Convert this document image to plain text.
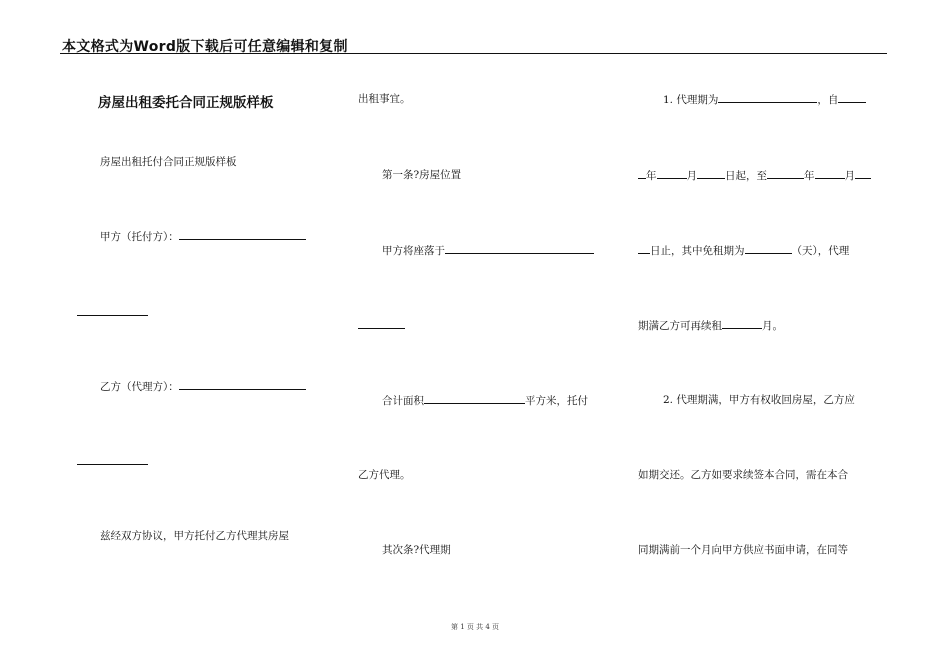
本文格式为Word版下载后可任意编辑和复制
房屋出租委托合同正规版样板
房屋出租托付合同正规版样板
甲方（托付方）：
乙方（代理方）：
兹经双方协议，甲方托付乙方代理其房屋
出租事宜。
第一条?房屋位置
甲方将座落于
合计面积	平方米，托付
乙方代理。
其次条?代理期
1. 代理期为	，自
年	月	日起，至	年	月
日止，其中免租期为	（天），代理
期满乙方可再续租	月。
2. 代理期满，甲方有权收回房屋，乙方应
如期交还。乙方如要求续签本合同，需在本合
同期满前一个月向甲方供应书面申请，在同等
第 1 页 共 4 页
